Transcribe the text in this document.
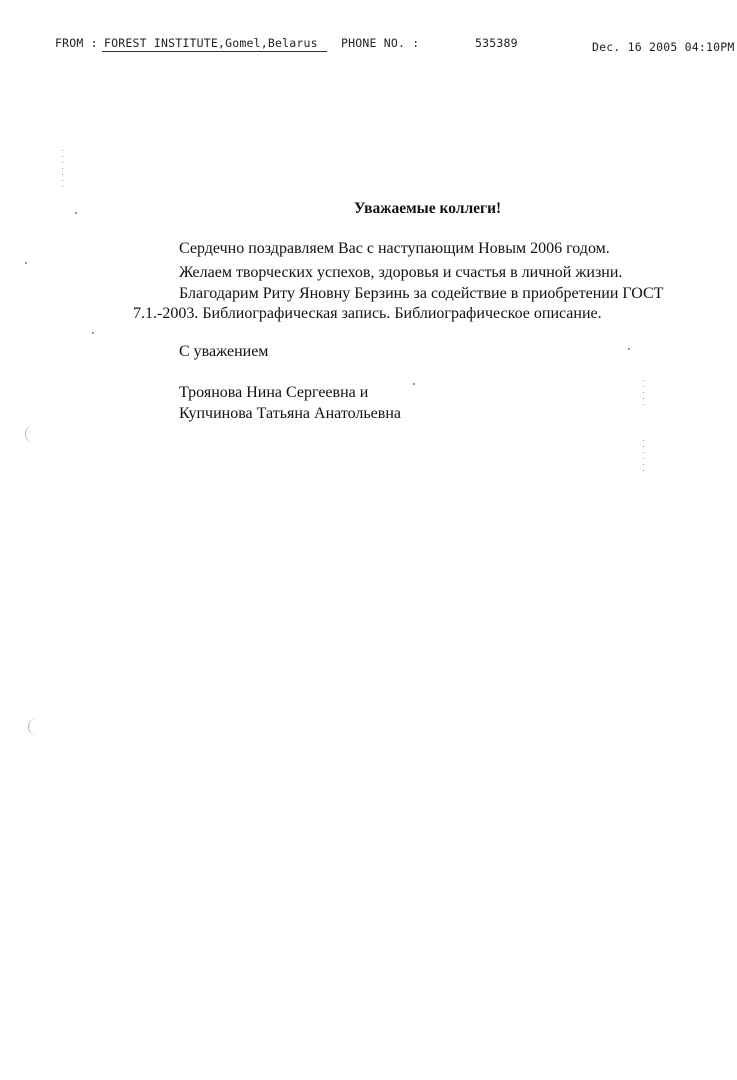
FROM : FOREST INSTITUTE,Gomel,Belarus PHONE NO. :	535389	Dec. 16 2005 04:10PM
Уважаемые коллеги!
Сердечно поздравляем Вас с наступающим Новым 2006 годом.
Желаем творческих успехов, здоровья и счастья в личной жизни.
Благодарим Риту Яновну Берзинь за содействие в приобретении ГОСТ
7.1.-2003. Библиографическая запись. Библиографическое описание.
С уважением
Троянова Нина Сергеевна и
Купчинова Татьяна Анатольевна
